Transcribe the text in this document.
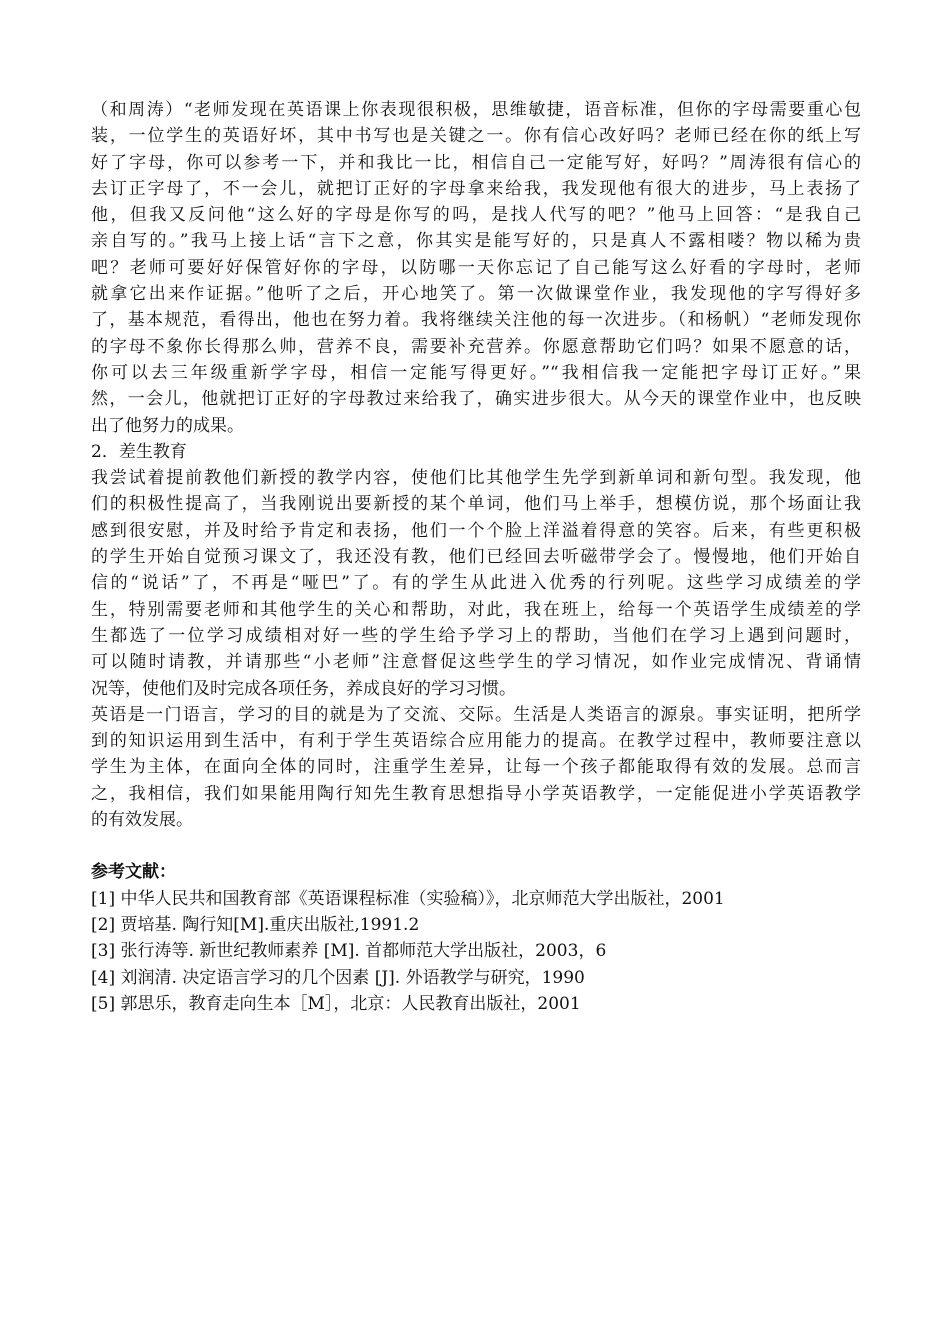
（和周涛）“老师发现在英语课上你表现很积极，思维敏捷，语音标准，但你的字母需要重心包
装，一位学生的英语好坏，其中书写也是关键之一。你有信心改好吗？老师已经在你的纸上写
好了字母，你可以参考一下，并和我比一比，相信自己一定能写好，好吗？”周涛很有信心的
去订正字母了，不一会儿，就把订正好的字母拿来给我，我发现他有很大的进步，马上表扬了
他，但我又反问他“这么好的字母是你写的吗，是找人代写的吧？”他马上回答：“是我自己
亲自写的。”我马上接上话“言下之意，你其实是能写好的，只是真人不露相喽？物以稀为贵
吧？老师可要好好保管好你的字母，以防哪一天你忘记了自己能写这么好看的字母时，老师
就拿它出来作证据。”他听了之后，开心地笑了。第一次做课堂作业，我发现他的字写得好多
了，基本规范，看得出，他也在努力着。我将继续关注他的每一次进步。（和杨帆）“老师发现你
的字母不象你长得那么帅，营养不良，需要补充营养。你愿意帮助它们吗？如果不愿意的话，
你可以去三年级重新学字母，相信一定能写得更好。”“我相信我一定能把字母订正好。”果
然，一会儿，他就把订正好的字母教过来给我了，确实进步很大。从今天的课堂作业中，也反映
出了他努力的成果。
2．差生教育
我尝试着提前教他们新授的教学内容，使他们比其他学生先学到新单词和新句型。我发现，他
们的积极性提高了，当我刚说出要新授的某个单词，他们马上举手，想模仿说，那个场面让我
感到很安慰，并及时给予肯定和表扬，他们一个个脸上洋溢着得意的笑容。后来，有些更积极
的学生开始自觉预习课文了，我还没有教，他们已经回去听磁带学会了。慢慢地，他们开始自
信的“说话”了，不再是“哑巴”了。有的学生从此进入优秀的行列呢。这些学习成绩差的学
生，特别需要老师和其他学生的关心和帮助，对此，我在班上，给每一个英语学生成绩差的学
生都选了一位学习成绩相对好一些的学生给予学习上的帮助，当他们在学习上遇到问题时，
可以随时请教，并请那些“小老师”注意督促这些学生的学习情况，如作业完成情况、背诵情
况等，使他们及时完成各项任务，养成良好的学习习惯。
英语是一门语言，学习的目的就是为了交流、交际。生活是人类语言的源泉。事实证明，把所学
到的知识运用到生活中，有利于学生英语综合应用能力的提高。在教学过程中，教师要注意以
学生为主体，在面向全体的同时，注重学生差异，让每一个孩子都能取得有效的发展。总而言
之，我相信，我们如果能用陶行知先生教育思想指导小学英语教学，一定能促进小学英语教学
的有效发展。
参考文献：
[1] 中华人民共和国教育部《英语课程标准（实验稿）》，北京师范大学出版社，2001
[2] 贾培基. 陶行知[M].重庆出版社,1991.2
[3] 张行涛等. 新世纪教师素养 [M]. 首都师范大学出版社，2003，6
[4] 刘润清. 决定语言学习的几个因素 [J]. 外语教学与研究，1990
[5] 郭思乐，教育走向生本［M］，北京：人民教育出版社，2001
